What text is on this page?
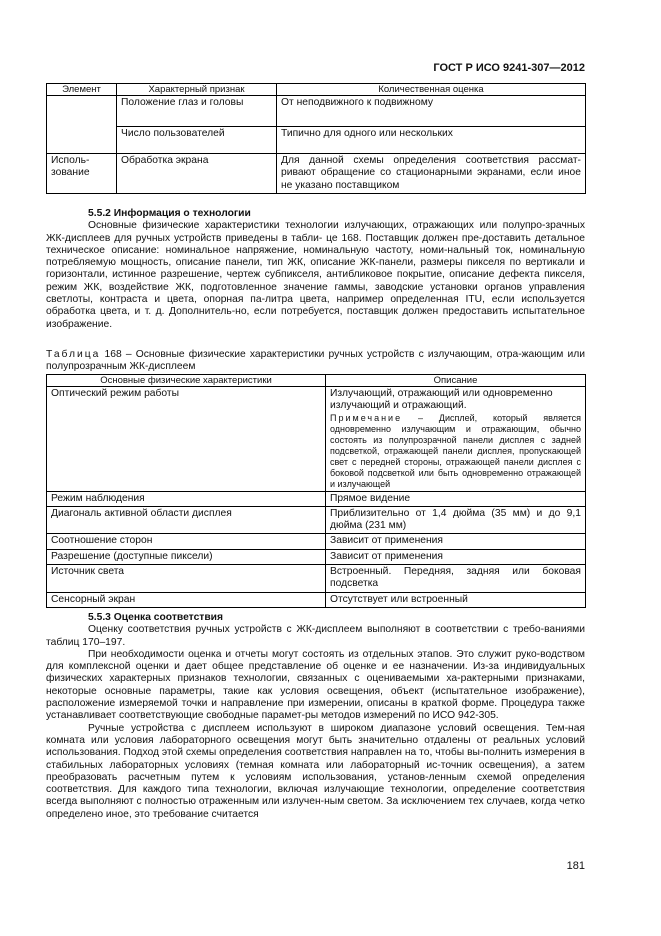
ГОСТ Р ИСО 9241-307—2012
Элемент	Характерный признак	Количественная оценка
	Положение глаз и головы	От неподвижного к подвижному
	Число пользователей	Типично для одного или нескольких
Исполь-зование	Обработка экрана	Для данной схемы определения соответствия рассмат-ривают обращение со стационарными экранами, если иное не указано поставщиком

5.5.2 Информация о технологии

Основные физические характеристики технологии излучающих, отражающих или полупро-зрачных ЖК-дисплеев для ручных устройств приведены в табли- це 168. Поставщик должен пре-доставить детальное техническое описание: номинальное напряжение, номинальную частоту, номи-нальный ток, номинальную потребляемую мощность, описание панели, тип ЖК, описание ЖК-панели, размеры пикселя по вертикали и горизонтали, истинное разрешение, чертеж субпикселя, антибликовое покрытие, описание дефекта пикселя, режим ЖК, воздействие ЖК, подготовленное значение гаммы, заводские установки органов управления светлоты, контраста и цвета, опорная па-литра цвета, например определенная ITU, если используется обработка цвета, и т. д. Дополнитель-но, если потребуется, поставщик должен предоставить испытательное изображение.

Таблица 168 – Основные физические характеристики ручных устройств с излучающим, отра-жающим или полупрозрачным ЖК-дисплеем
Основные физические характеристики	Описание
Оптический режим работы	Излучающий, отражающий или одновременно излучающий и отражающий.
Примечание – Дисплей, который является одновременно излучающим и отражающим, обычно состоять из полупрозрачной панели дисплея с задней подсветкой, отражающей панели дисплея, пропускающей свет с передней стороны, отражающей панели дисплея с боковой подсветкой или быть одновременно отражающей и излучающей

Режим наблюдения	Прямое видение
Диагональ активной области дисплея	Приблизительно от 1,4 дюйма (35 мм) и до 9,1 дюйма (231 мм)
Соотношение сторон	Зависит от применения
Разрешение (доступные пиксели)	Зависит от применения
Источник света	Встроенный. Передняя, задняя или боковая подсветка
Сенсорный экран	Отсутствует или встроенный

5.5.3 Оценка соответствия

Оценку соответствия ручных устройств с ЖК-дисплеем выполняют в соответствии с требо-ваниями таблиц 170–197.

При необходимости оценка и отчеты могут состоять из отдельных этапов. Это служит руко-водством для комплексной оценки и дает общее представление об оценке и ее назначении. Из-за индивидуальных физических характерных признаков технологии, связанных с оцениваемыми ха-рактерными признаками, некоторые основные параметры, такие как условия освещения, объект (испытательное изображение), расположение измеряемой точки и направление при измерении, описаны в краткой форме. Процедура также устанавливает соответствующие свободные парамет-ры методов измерений по ИСО 942-305.

Ручные устройства с дисплеем используют в широком диапазоне условий освещения. Тем-ная комната или условия лабораторного освещения могут быть значительно отдалены от реальных условий использования. Подход этой схемы определения соответствия направлен на то, чтобы вы-полнить измерения в стабильных лабораторных условиях (темная комната или лабораторный ис-точник освещения), а затем преобразовать расчетным путем к условиям использования, установ-ленным схемой определения соответствия. Для каждого типа технологии, включая излучающие технологии, определение соответствия всегда выполняют с полностью отраженным или излучен-ным светом. За исключением тех случаев, когда четко определено иное, это требование считается

181
